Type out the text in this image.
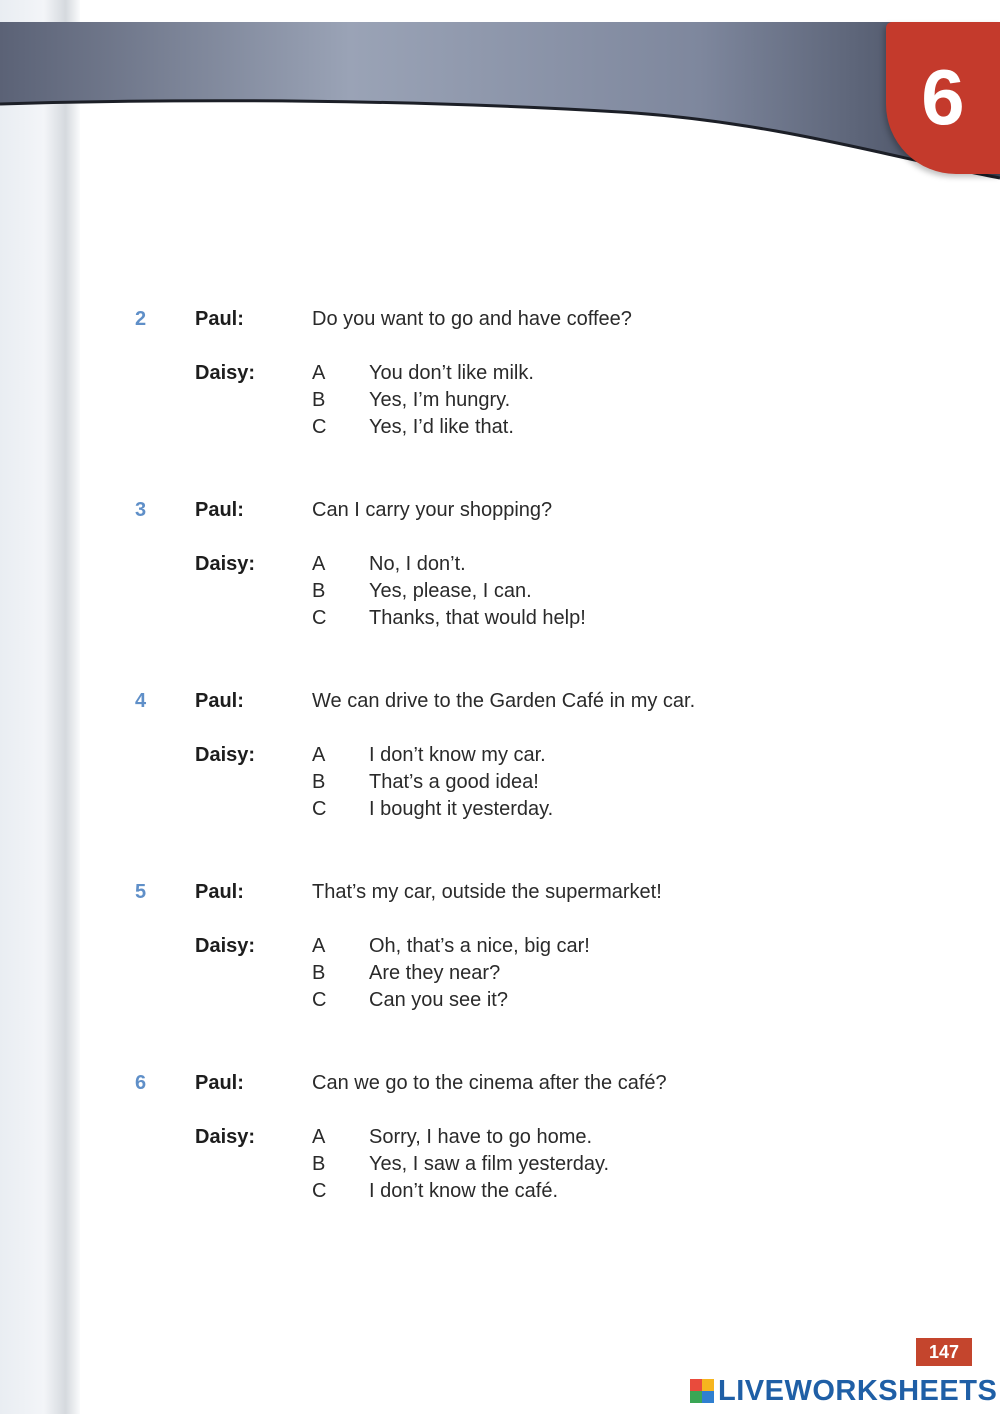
6
2 Paul:	Do you want to go and have coffee?
Daisy:	A You don’t like milk.
B Yes, I’m hungry.
C Yes, I’d like that.
3 Paul:	Can I carry your shopping?
Daisy:	A No, I don’t.
B Yes, please, I can.
C Thanks, that would help!
4 Paul:	We can drive to the Garden Café in my car.
Daisy:	A I don’t know my car.
B That’s a good idea!
C I bought it yesterday.
5 Paul:	That’s my car, outside the supermarket!
Daisy:	A Oh, that’s a nice, big car!
B Are they near?
C Can you see it?
6 Paul:	Can we go to the cinema after the café?
Daisy:	A Sorry, I have to go home.
B Yes, I saw a film yesterday.
C I don’t know the café.
147
LIVEWORKSHEETS
